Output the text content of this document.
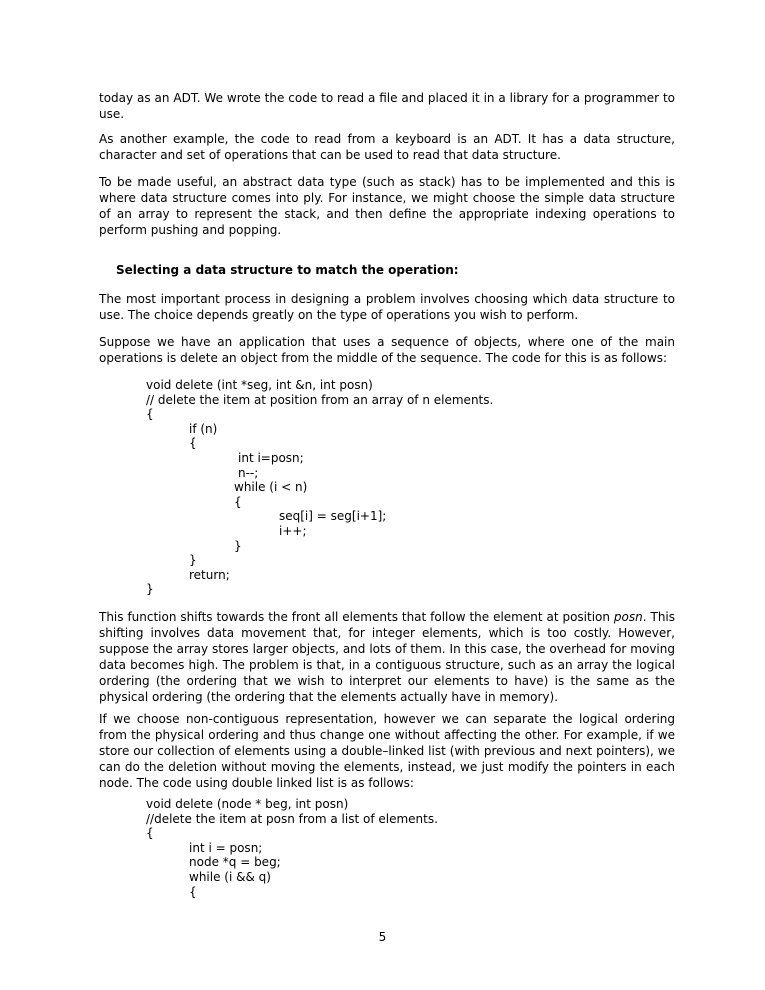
today as an ADT. We wrote the code to read a file and placed it in a library for a programmer to use.

As another example, the code to read from a keyboard is an ADT. It has a data structure, character and set of operations that can be used to read that data structure.

To be made useful, an abstract data type (such as stack) has to be implemented and this is where data structure comes into ply. For instance, we might choose the simple data structure of an array to represent the stack, and then define the appropriate indexing operations to perform pushing and popping.

Selecting a data structure to match the operation:

The most important process in designing a problem involves choosing which data structure to use. The choice depends greatly on the type of operations you wish to perform.

Suppose we have an application that uses a sequence of objects, where one of the main operations is delete an object from the middle of the sequence. The code for this is as follows:

void delete (int *seg, int &n, int posn)
// delete the item at position from an array of n elements.
{
if (n)
{
int i=posn;
n--;
while (i < n)
{
seq[i] = seg[i+1];
i++;
}
}
return;
}

This function shifts towards the front all elements that follow the element at position posn. This shifting involves data movement that, for integer elements, which is too costly. However, suppose the array stores larger objects, and lots of them. In this case, the overhead for moving data becomes high. The problem is that, in a contiguous structure, such as an array the logical ordering (the ordering that we wish to interpret our elements to have) is the same as the physical ordering (the ordering that the elements actually have in memory).

If we choose non-contiguous representation, however we can separate the logical ordering from the physical ordering and thus change one without affecting the other. For example, if we store our collection of elements using a double–linked list (with previous and next pointers), we can do the deletion without moving the elements, instead, we just modify the pointers in each node. The code using double linked list is as follows:

void delete (node * beg, int posn)
//delete the item at posn from a list of elements.
{
int i = posn;
node *q = beg;
while (i && q)
{
5
